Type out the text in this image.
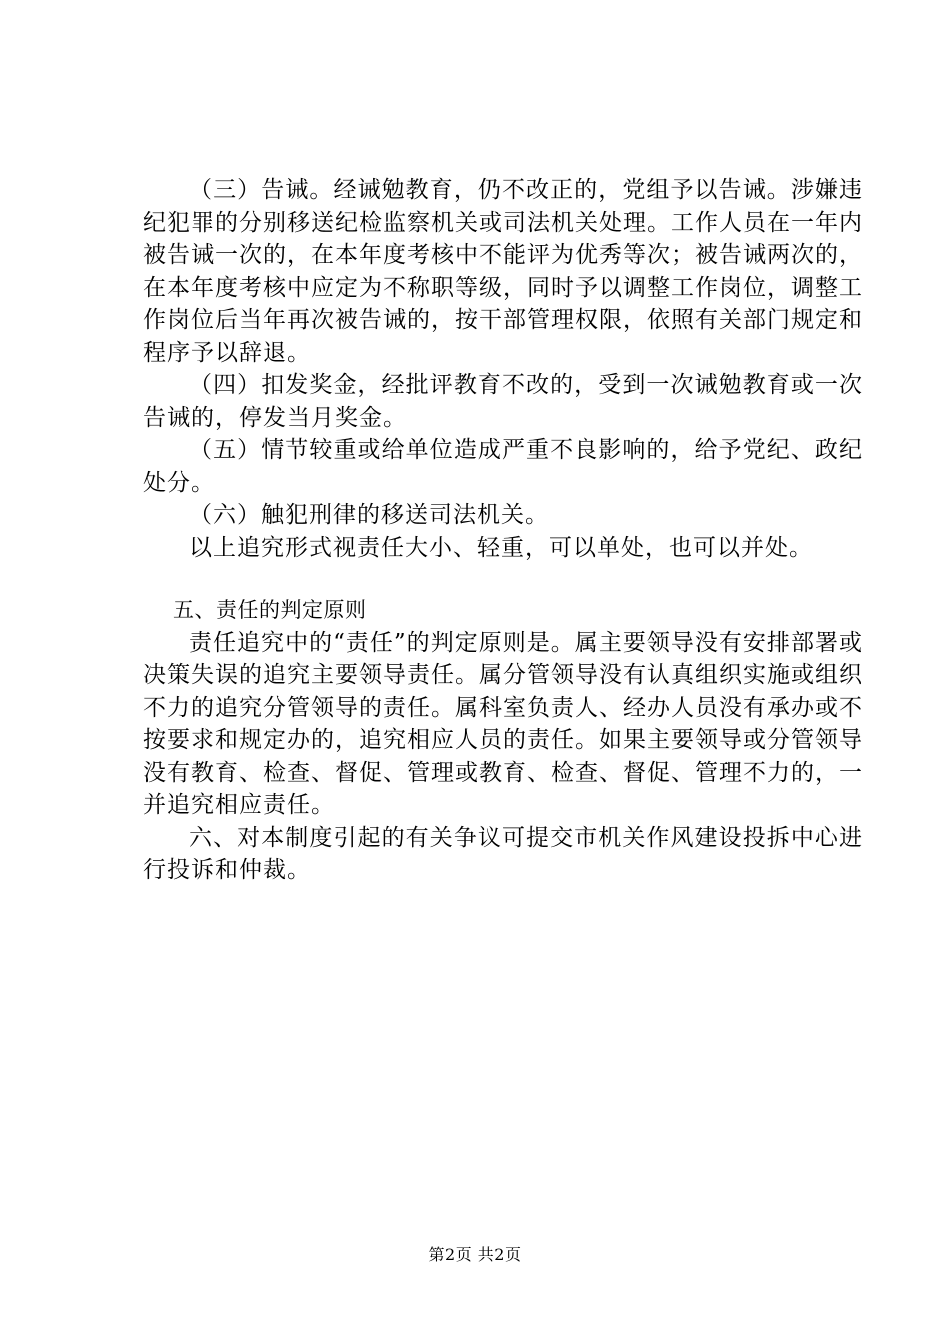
（三）告诫。经诫勉教育，仍不改正的，党组予以告诫。涉嫌违纪犯罪的分别移送纪检监察机关或司法机关处理。工作人员在一年内被告诫一次的，在本年度考核中不能评为优秀等次；被告诫两次的，在本年度考核中应定为不称职等级，同时予以调整工作岗位，调整工作岗位后当年再次被告诫的，按干部管理权限，依照有关部门规定和程序予以辞退。

（四）扣发奖金，经批评教育不改的，受到一次诫勉教育或一次告诫的，停发当月奖金。

（五）情节较重或给单位造成严重不良影响的，给予党纪、政纪处分。

（六）触犯刑律的移送司法机关。

以上追究形式视责任大小、轻重，可以单处，也可以并处。

五、责任的判定原则

责任追究中的“责任”的判定原则是。属主要领导没有安排部署或决策失误的追究主要领导责任。属分管领导没有认真组织实施或组织不力的追究分管领导的责任。属科室负责人、经办人员没有承办或不按要求和规定办的，追究相应人员的责任。如果主要领导或分管领导没有教育、检查、督促、管理或教育、检查、督促、管理不力的，一并追究相应责任。

六、对本制度引起的有关争议可提交市机关作风建设投拆中心进行投诉和仲裁。

第2页 共2页
